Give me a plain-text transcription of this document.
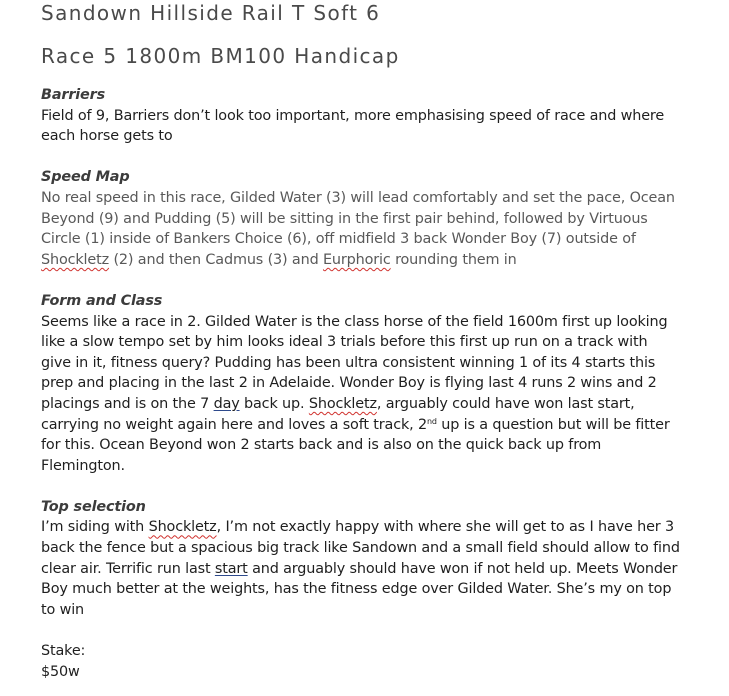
Sandown Hillside Rail T Soft 6
Race 5 1800m BM100 Handicap

Barriers

Field of 9, Barriers don’t look too important, more emphasising speed of race and where each horse gets to

Speed Map

No real speed in this race, Gilded Water (3) will lead comfortably and set the pace, Ocean Beyond (9) and Pudding (5) will be sitting in the first pair behind, followed by Virtuous Circle (1) inside of Bankers Choice (6), off midfield 3 back Wonder Boy (7) outside of Shockletz (2) and then Cadmus (3) and Eurphoric rounding them in

Form and Class

Seems like a race in 2. Gilded Water is the class horse of the field 1600m first up looking like a slow tempo set by him looks ideal 3 trials before this first up run on a track with give in it, fitness query? Pudding has been ultra consistent winning 1 of its 4 starts this prep and placing in the last 2 in Adelaide. Wonder Boy is flying last 4 runs 2 wins and 2 placings and is on the 7 day back up. Shockletz, arguably could have won last start, carrying no weight again here and loves a soft track, 2nd up is a question but will be fitter for this. Ocean Beyond won 2 starts back and is also on the quick back up from Flemington.

Top selection

I’m siding with Shockletz, I’m not exactly happy with where she will get to as I have her 3 back the fence but a spacious big track like Sandown and a small field should allow to find clear air. Terrific run last start and arguably should have won if not held up. Meets Wonder Boy much better at the weights, has the fitness edge over Gilded Water. She’s my on top to win

Stake:

$50w
